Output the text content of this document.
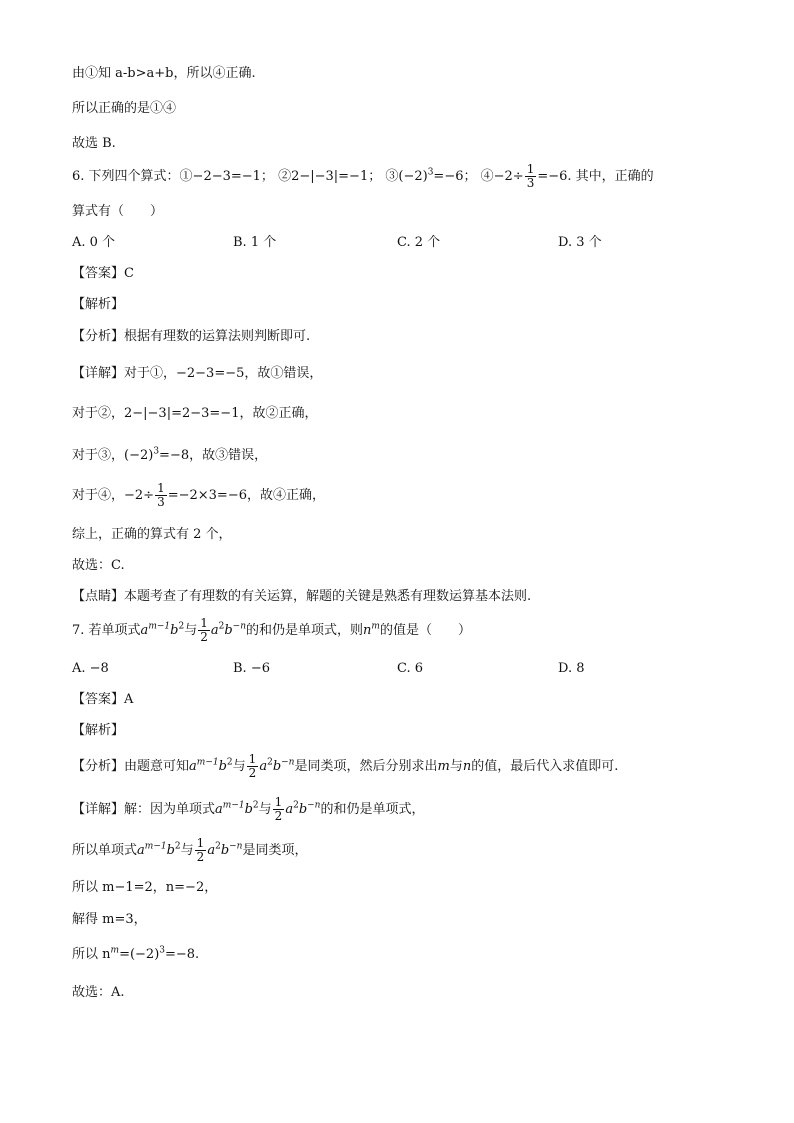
由①知 a-b>a+b，所以④正确.
所以正确的是①④
故选 B.
6. 下列四个算式：①−2−3=−1； ②2−|−3|=−1； $③(-2)^3=-6$； ④−2÷ $\frac{1}{3} =-6$. 其中，正确的
算式有（　　）
A. 0 个	B. 1 个	C. 2 个	D. 3 个
【答案】C
【解析】
【分析】根据有理数的运算法则判断即可.
【详解】对于①，−2−3=−5，故①错误，
对于②，2−|−3|=2−3=−1，故②正确，
对于③，$(-2)^3=-8$，故③错误，
对于④，$-2\div \frac{1}{3} =-2\times 3=-6$，故④正确，
综上，正确的算式有 2 个，
故选：C.
【点睛】本题考查了有理数的有关运算，解题的关键是熟悉有理数运算基本法则.
7. 若单项式$a^{m-1}b^2$与 $\frac{1}{2} a^2b^{-n}$的和仍是单项式，则$n^m$的值是（　　）
A. −8	B. −6	C. 6	D. 8
【答案】A
【解析】
【分析】由题意可知$a^{m-1}b^2$与 $\frac{1}{2} a^2b^{-n}$是同类项，然后分别求出m与n的值，最后代入求值即可.
【详解】解：因为单项式$a^{m-1}b^2$与 $\frac{1}{2} a^2b^{-n}$的和仍是单项式，
所以单项式$a^{m-1}b^2$与 $\frac{1}{2} a^2b^{-n}$是同类项，
所以 m−1=2，n=−2，
解得 m=3，
所以 $n^m=(-2)^3=-8$.
故选：A.
